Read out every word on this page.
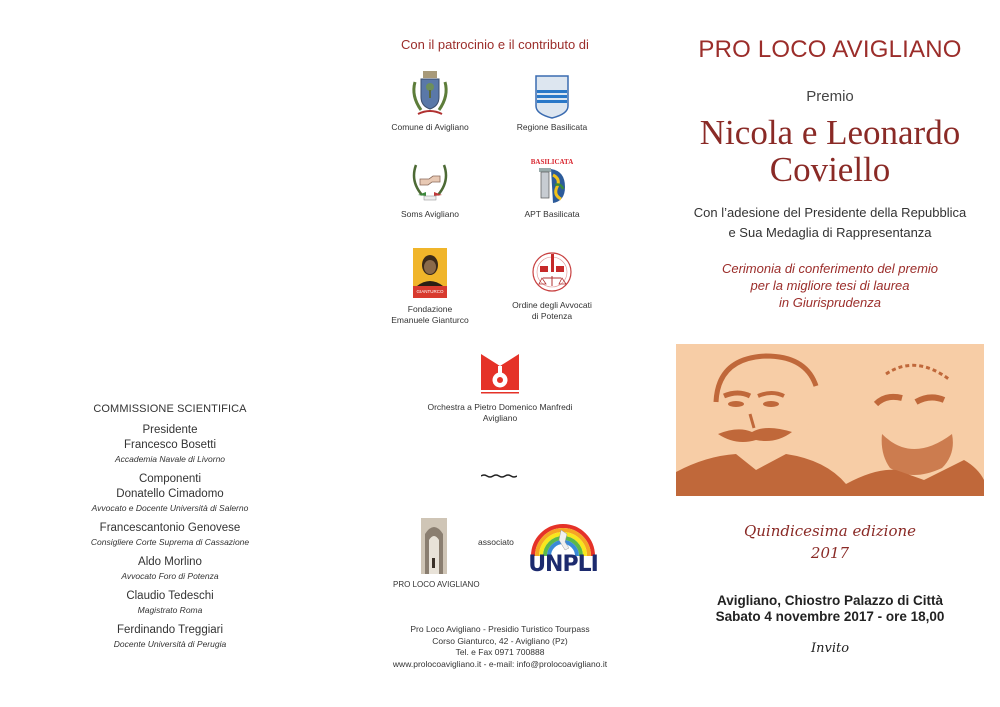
COMMISSIONE SCIENTIFICA
Presidente
Francesco Bosetti
Accademia Navale di Livorno
Componenti
Donatello Cimadomo
Avvocato e Docente Università di Salerno
Francescantonio Genovese
Consigliere Corte Suprema di Cassazione
Aldo Morlino
Avvocato Foro di Potenza
Claudio Tedeschi
Magistrato Roma
Ferdinando Treggiari
Docente Università di Perugia
Con il patrocinio e il contributo di
Comune di Avigliano	Regione Basilicata
Soms Avigliano
BASILICATA
APT Basilicata
GIANTURCO
Fondazione
Emanuele Gianturco
Ordine degli Avvocati
di Potenza
Orchestra a Pietro Domenico Manfredi
Avigliano
associato
PRO LOCO AVIGLIANO
UNPLI
Pro Loco Avigliano - Presidio Turistico Tourpass
Corso Gianturco, 42 - Avigliano (Pz)
Tel. e Fax 0971 700888
www.prolocoavigliano.it - e-mail: info@prolocoavigliano.it
PRO LOCO AVIGLIANO
Premio
Nicola e Leonardo
Coviello
Con l’adesione del Presidente della Repubblica
e Sua Medaglia di Rappresentanza
Cerimonia di conferimento del premio
per la migliore tesi di laurea
in Giurisprudenza
Quindicesima edizione
2017
Avigliano, Chiostro Palazzo di Città
Sabato 4 novembre 2017 - ore 18,00
Invito
